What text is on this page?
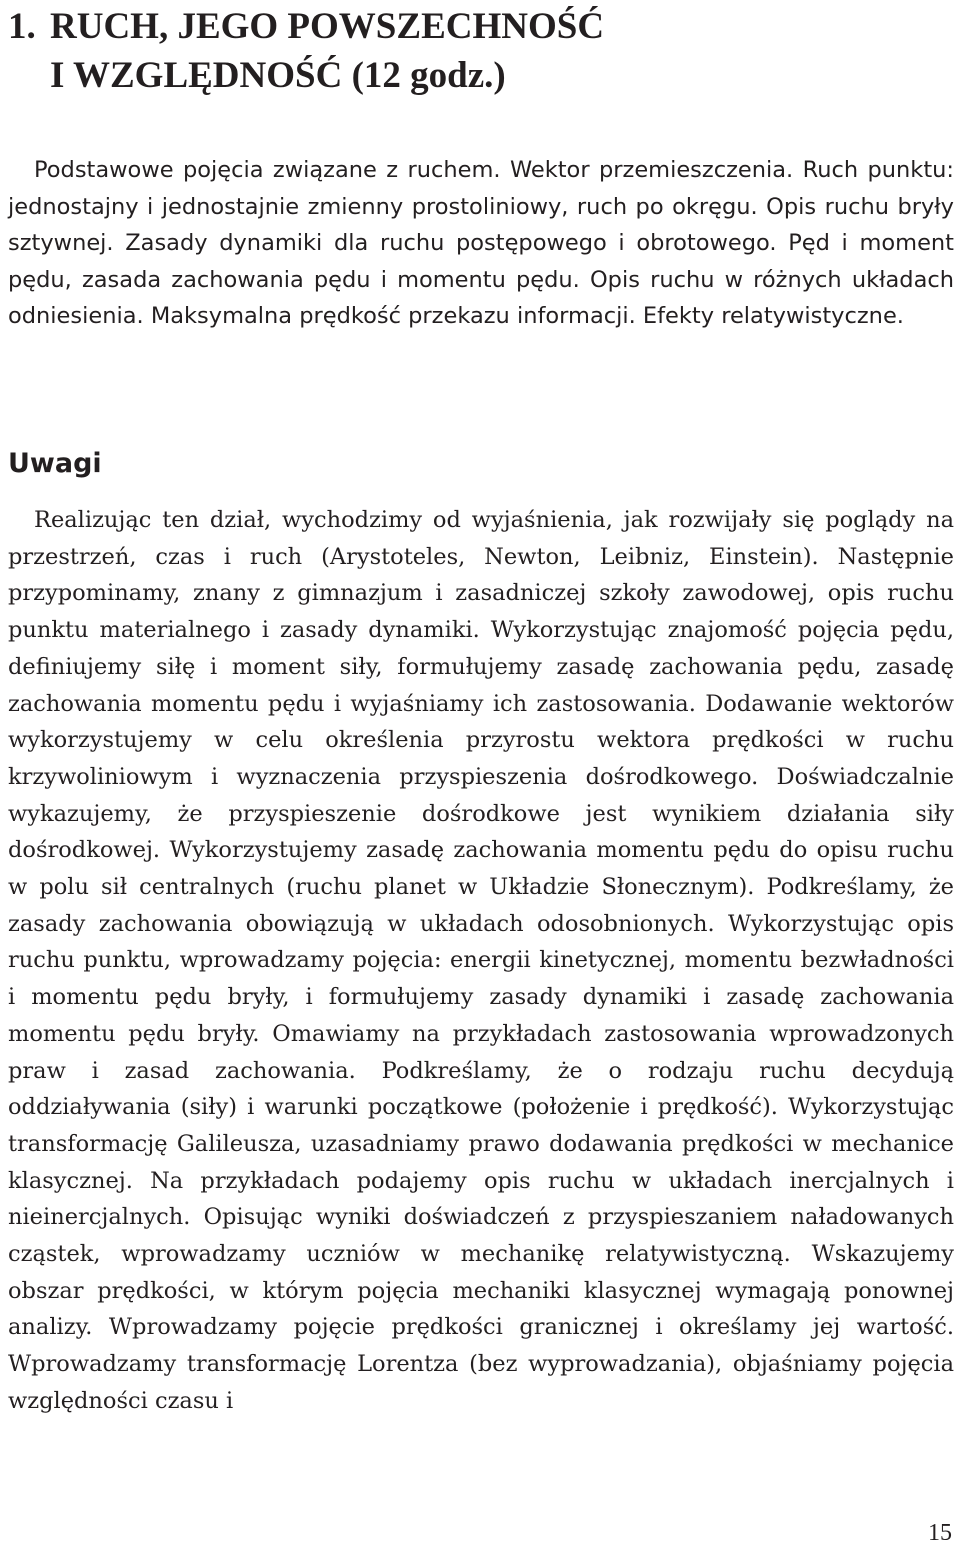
1. RUCH, JEGO POWSZECHNOŚĆ
I WZGLĘDNOŚĆ (12 godz.)

Podstawowe pojęcia związane z ruchem. Wektor przemieszczenia. Ruch punktu: jednostajny i jednostajnie zmienny prostoliniowy, ruch po okręgu. Opis ruchu bryły sztywnej. Zasady dynamiki dla ruchu postępowego i obrotowego. Pęd i moment pędu, zasada zachowania pędu i momentu pędu. Opis ruchu w różnych układach odniesienia. Maksymalna prędkość przekazu informacji. Efekty relatywistyczne.

Uwagi

Realizując ten dział, wychodzimy od wyjaśnienia, jak rozwijały się poglądy na przestrzeń, czas i ruch (Arystoteles, Newton, Leibniz, Einstein). Następnie przypominamy, znany z gimnazjum i zasadniczej szkoły zawodowej, opis ruchu punktu materialnego i zasady dynamiki. Wykorzystując znajomość pojęcia pędu, definiujemy siłę i moment siły, formułujemy zasadę zachowania pędu, zasadę zachowania momentu pędu i wyjaśniamy ich zastosowania. Dodawanie wektorów wykorzystujemy w celu określenia przyrostu wektora prędkości w ruchu krzywoliniowym i wyznaczenia przyspieszenia dośrodkowego. Doświadczalnie wykazujemy, że przyspieszenie dośrodkowe jest wynikiem działania siły dośrodkowej. Wykorzystujemy zasadę zachowania momentu pędu do opisu ruchu w polu sił centralnych (ruchu planet w Układzie Słonecznym). Podkreślamy, że zasady zachowania obowiązują w układach odosobnionych. Wykorzystując opis ruchu punktu, wprowadzamy pojęcia: energii kinetycznej, momentu bezwładności i momentu pędu bryły, i formułujemy zasady dynamiki i zasadę zachowania momentu pędu bryły. Omawiamy na przykładach zastosowania wprowadzonych praw i zasad zachowania. Podkreślamy, że o rodzaju ruchu decydują oddziaływania (siły) i warunki początkowe (położenie i prędkość). Wykorzystując transformację Galileusza, uzasadniamy prawo dodawania prędkości w mechanice klasycznej. Na przykładach podajemy opis ruchu w układach inercjalnych i nieinercjalnych. Opisując wyniki doświadczeń z przyspieszaniem naładowanych cząstek, wprowadzamy uczniów w mechanikę relatywistyczną. Wskazujemy obszar prędkości, w którym pojęcia mechaniki klasycznej wymagają ponownej analizy. Wprowadzamy pojęcie prędkości granicznej i określamy jej wartość. Wprowadzamy transformację Lorentza (bez wyprowadzania), objaśniamy pojęcia względności czasu i

15
